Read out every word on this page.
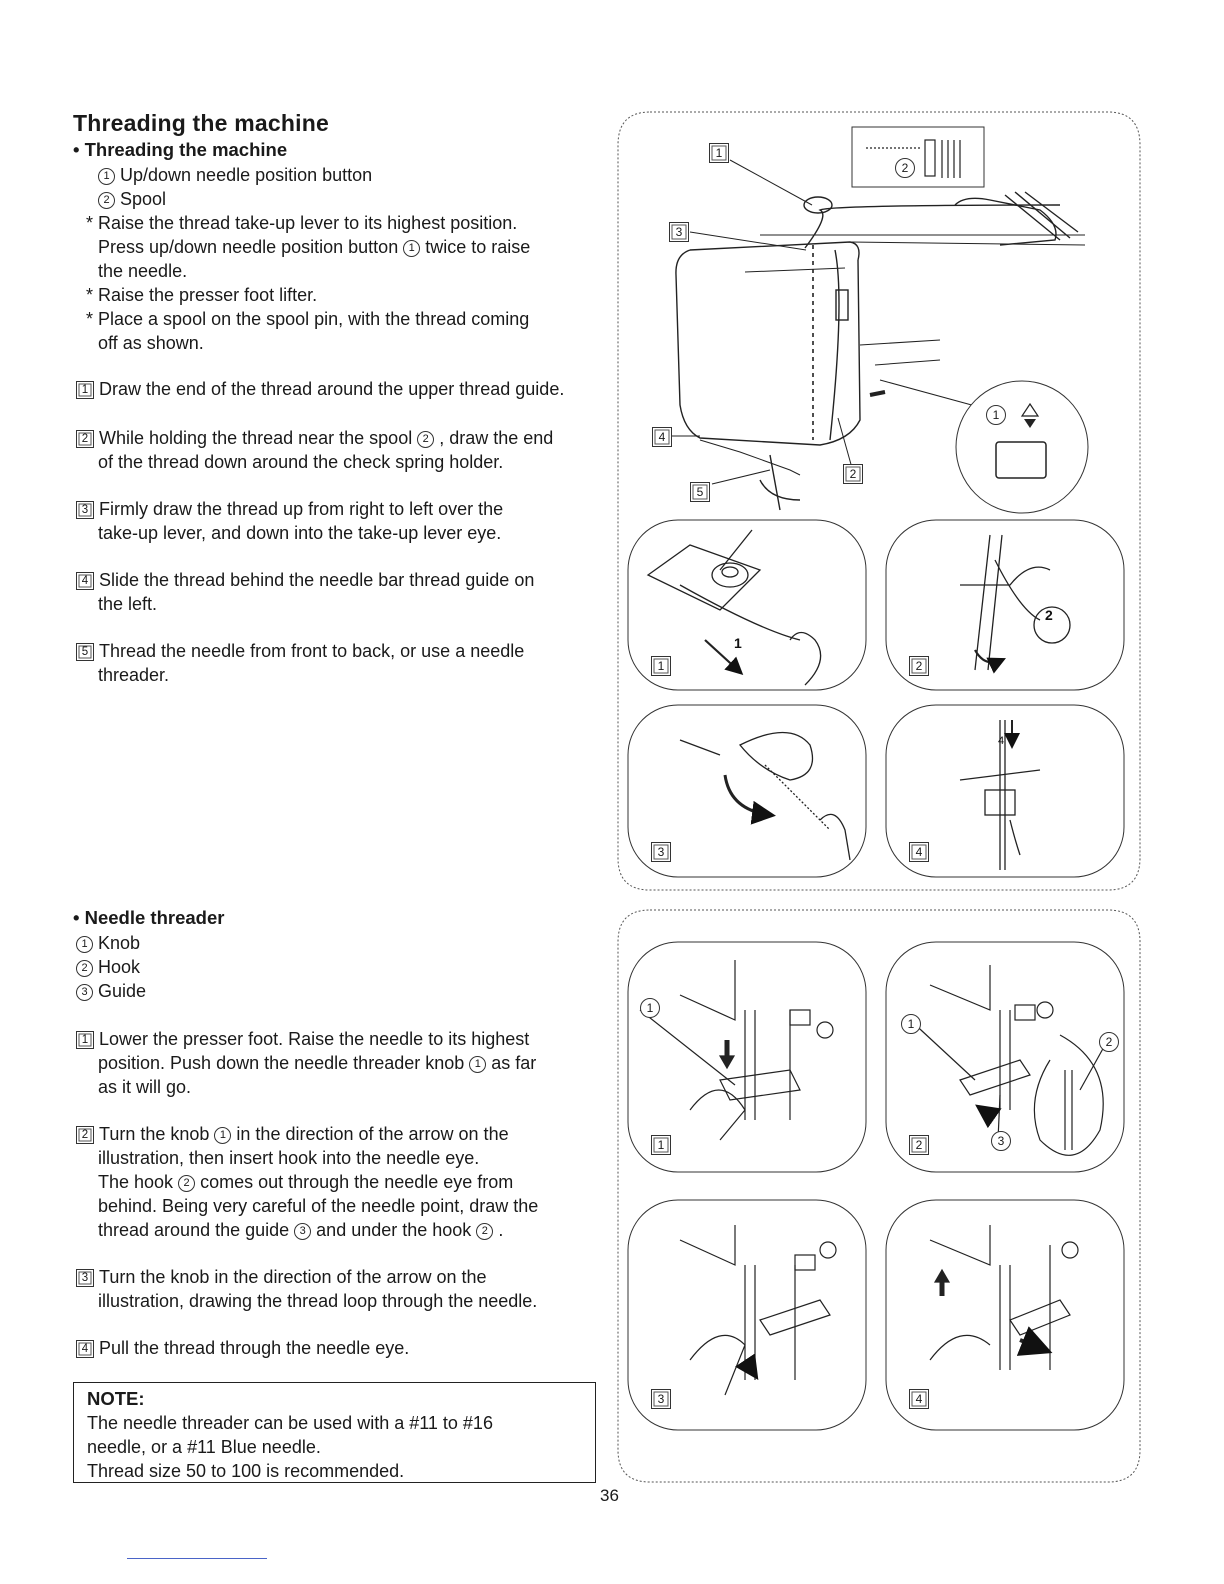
Threading the machine
• Threading the machine
1 Up/down needle position button
2 Spool
* Raise the thread take-up lever to its highest position.
Press up/down needle position button 1 twice to raise
the needle.
* Raise the presser foot lifter.
* Place a spool on the spool pin, with the thread coming
off as shown.
1 Draw the end of the thread around the upper thread guide.
2 While holding the thread near the spool 2 , draw the end
of the thread down around the check spring holder.
3 Firmly draw the thread up from right to left over the
take-up lever, and down into the take-up lever eye.
4 Slide the thread behind the needle bar thread guide on
the left.
5 Thread the needle from front to back, or use a needle
threader.
• Needle threader
1 Knob
2 Hook
3 Guide
1 Lower the presser foot. Raise the needle to its highest
position. Push down the needle threader knob 1 as far
as it will go.
2 Turn the knob 1 in the direction of the arrow on the
illustration, then insert hook into the needle eye.
The hook 2 comes out through the needle eye from
behind. Being very careful of the needle point, draw the
thread around the guide 3 and under the hook 2 .
3 Turn the knob in the direction of the arrow on the
illustration, drawing the thread loop through the needle.
4 Pull the thread through the needle eye.
NOTE:
The needle threader can be used with a #11 to #16
needle, or a #11 Blue needle.
Thread size 50 to 100 is recommended.
36
1
2
4
1
3
4
5
2
2
1
1	2
3	4
1	2
3	4
1
1
2
3
